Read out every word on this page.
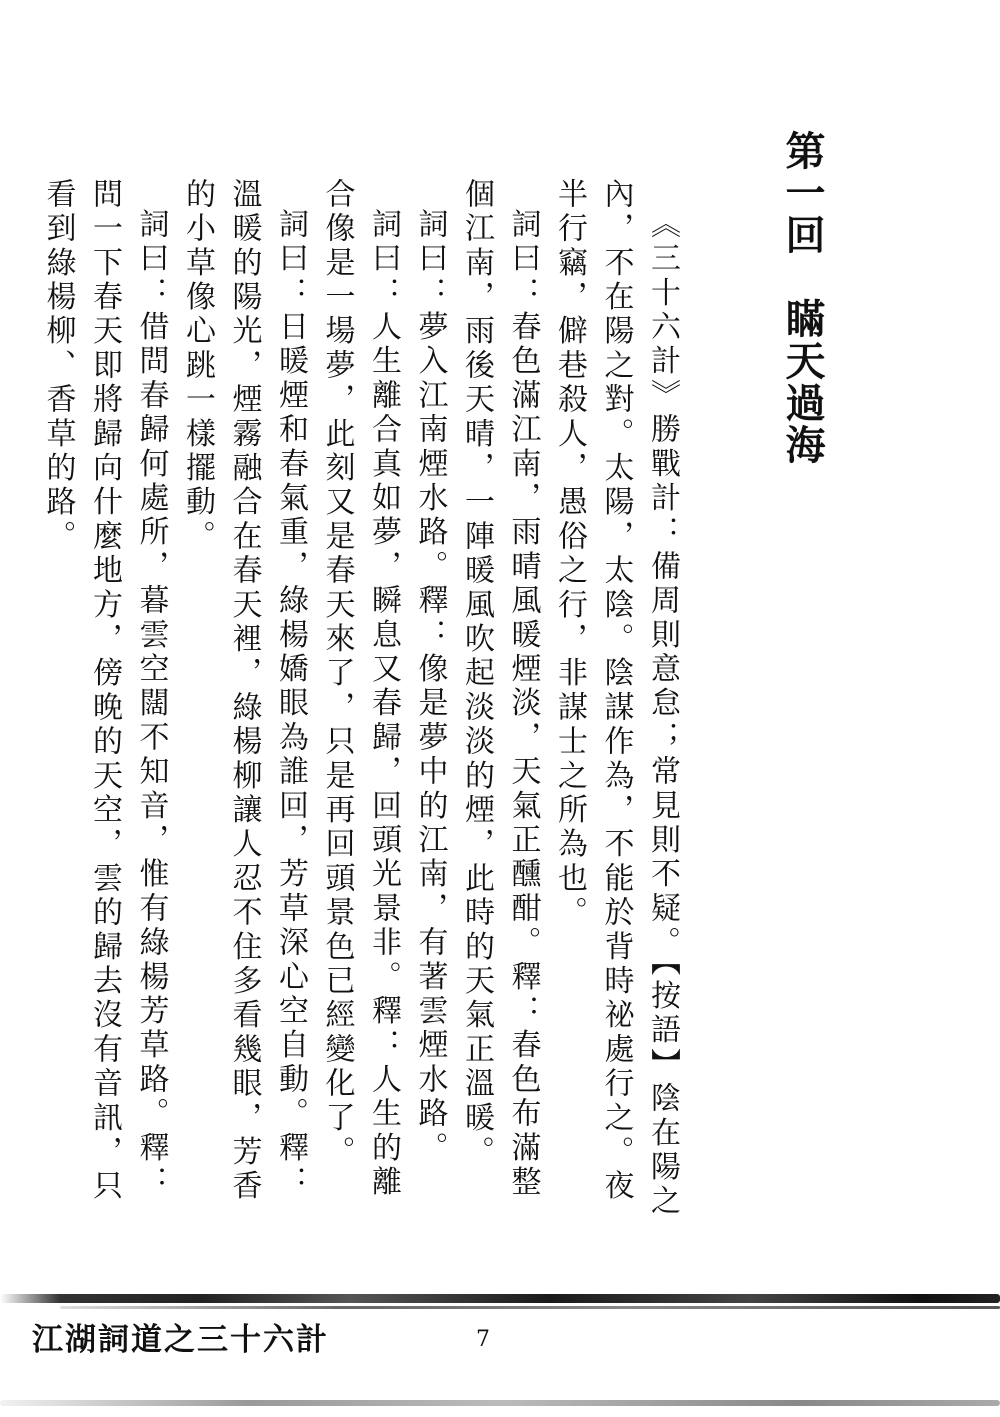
第一回　瞞天過海

《三十六計》勝戰計：備周則意怠；常見則不疑。【按語】陰在陽之內，不在陽之對。太陽，太陰。陰謀作為，不能於背時祕處行之。夜半行竊，僻巷殺人，愚俗之行，非謀士之所為也。

詞曰：春色滿江南，雨晴風暖煙淡，天氣正醺酣。釋：春色布滿整個江南，雨後天晴，一陣暖風吹起淡淡的煙，此時的天氣正溫暖。

詞曰：夢入江南煙水路。釋：像是夢中的江南，有著雲煙水路。

詞曰：人生離合真如夢，瞬息又春歸，回頭光景非。釋：人生的離合像是一場夢，此刻又是春天來了，只是再回頭景色已經變化了。

詞曰：日暖煙和春氣重，綠楊嬌眼為誰回，芳草深心空自動。釋：溫暖的陽光，煙霧融合在春天裡，綠楊柳讓人忍不住多看幾眼，芳香的小草像心跳一樣擺動。

詞曰：借問春歸何處所，暮雲空闊不知音，惟有綠楊芳草路。釋：問一下春天即將歸向什麼地方，傍晚的天空，雲的歸去沒有音訊，只看到綠楊柳、香草的路。

江湖詞道之三十六計	7
